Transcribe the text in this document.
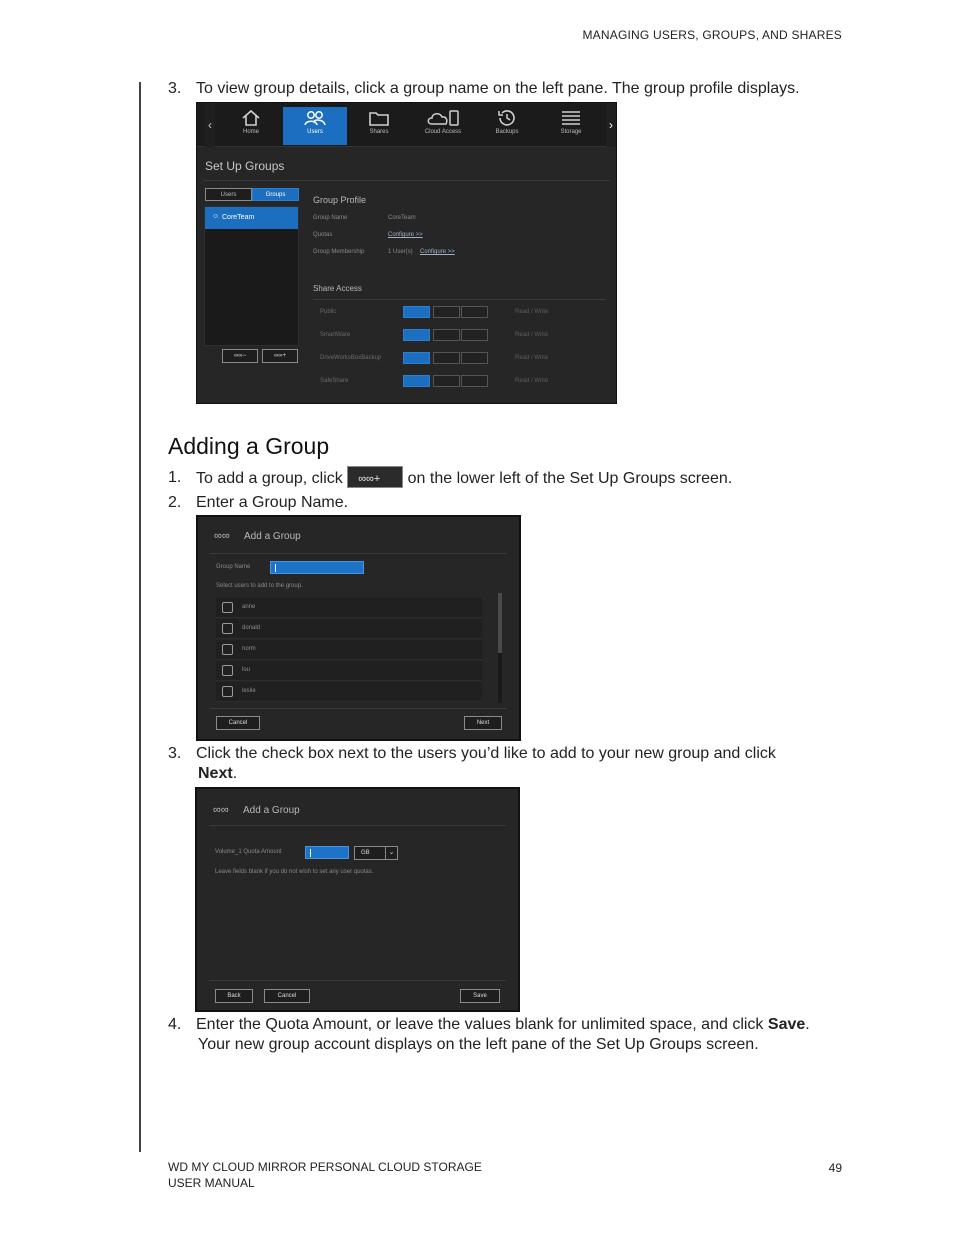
MANAGING USERS, GROUPS, AND SHARES
3. To view group details, click a group name on the left pane. The group profile displays.
‹	Home	Users	Shares	Cloud Access	Backups	Storage	›
Set Up Groups
Users	Groups
☺ CoreTeam
∞∞−	∞∞+
Group Profile
Group Name	CoreTeam
Quotas	Configure >>
Group Membership	1 User(s) Configure >>
Share Access
Public	Read / Write
SmartWare	Read / Write
DriveWorksBoxBackup	Read / Write
SafeShare	Read / Write
Adding a Group
1. To add a group, click ∞∞+ on the lower left of the Set Up Groups screen.
2. Enter a Group Name.
∞∞ Add a Group
Group Name
Select users to add to the group.
anne
donald
norm
lou
leslie
Cancel	Next
3. Click the check box next to the users you’d like to add to your new group and click
Next.
∞∞ Add a Group
Volume_1 Quota Amount	GB	⌄
Leave fields blank if you do not wish to set any user quotas.
Back	Cancel	Save
4. Enter the Quota Amount, or leave the values blank for unlimited space, and click Save.
Your new group account displays on the left pane of the Set Up Groups screen.
WD MY CLOUD MIRROR PERSONAL CLOUD STORAGE
USER MANUAL
49
